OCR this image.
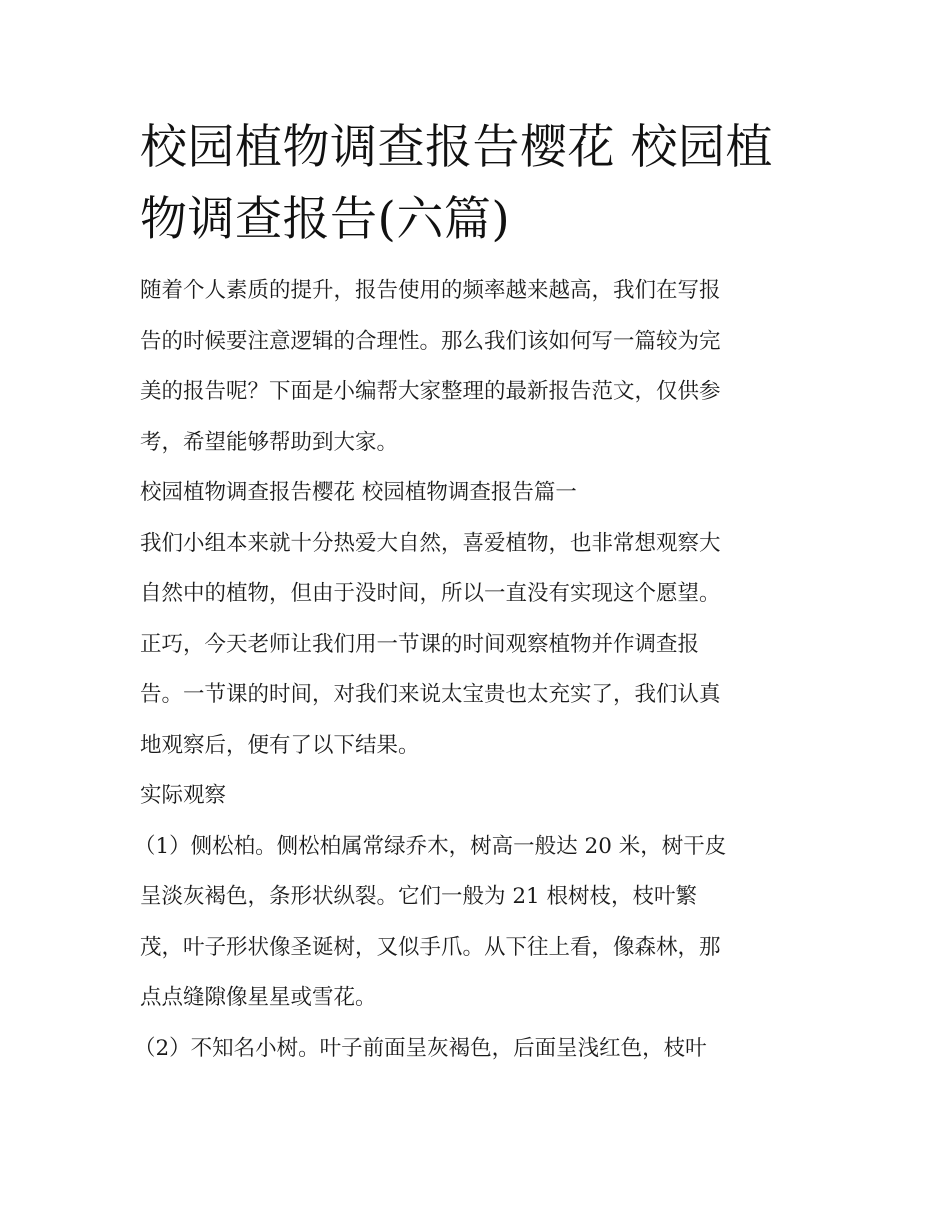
校园植物调查报告樱花 校园植
物调查报告(六篇)

随着个人素质的提升，报告使用的频率越来越高，我们在写报
告的时候要注意逻辑的合理性。那么我们该如何写一篇较为完
美的报告呢？下面是小编帮大家整理的最新报告范文，仅供参
考，希望能够帮助到大家。

校园植物调查报告樱花 校园植物调查报告篇一

我们小组本来就十分热爱大自然，喜爱植物，也非常想观察大
自然中的植物，但由于没时间，所以一直没有实现这个愿望。
正巧，今天老师让我们用一节课的时间观察植物并作调查报
告。一节课的时间，对我们来说太宝贵也太充实了，我们认真
地观察后，便有了以下结果。

实际观察

（1）侧松柏。侧松柏属常绿乔木，树高一般达 20 米，树干皮
呈淡灰褐色，条形状纵裂。它们一般为 21 根树枝，枝叶繁
茂，叶子形状像圣诞树，又似手爪。从下往上看，像森林，那
点点缝隙像星星或雪花。

（2）不知名小树。叶子前面呈灰褐色，后面呈浅红色，枝叶
